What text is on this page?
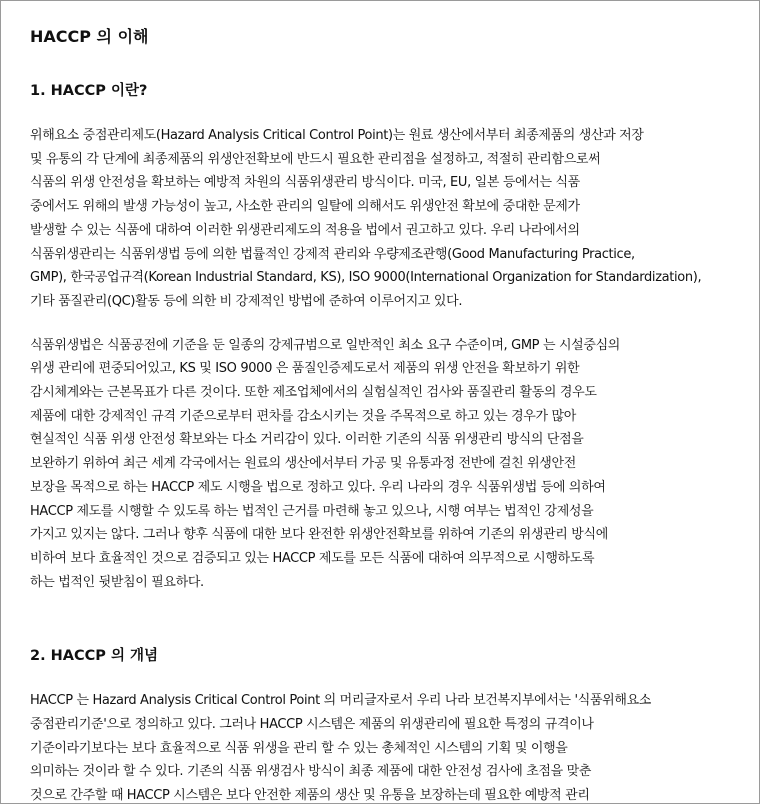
HACCP 의 이해
1. HACCP 이란?
위해요소 중점관리제도(Hazard Analysis Critical Control Point)는 원료 생산에서부터 최종제품의 생산과 저장
및 유통의 각 단계에 최종제품의 위생안전확보에 반드시 필요한 관리점을 설정하고, 적절히 관리함으로써
식품의 위생 안전성을 확보하는 예방적 차원의 식품위생관리 방식이다. 미국, EU, 일본 등에서는 식품
중에서도 위해의 발생 가능성이 높고, 사소한 관리의 일탈에 의해서도 위생안전 확보에 중대한 문제가
발생할 수 있는 식품에 대하여 이러한 위생관리제도의 적용을 법에서 권고하고 있다. 우리 나라에서의
식품위생관리는 식품위생법 등에 의한 법률적인 강제적 관리와 우량제조관행(Good Manufacturing Practice,
GMP), 한국공업규격(Korean Industrial Standard, KS), ISO 9000(International Organization for Standardization),
기타 품질관리(QC)활동 등에 의한 비 강제적인 방법에 준하여 이루어지고 있다.
식품위생법은 식품공전에 기준을 둔 일종의 강제규범으로 일반적인 최소 요구 수준이며, GMP 는 시설중심의
위생 관리에 편중되어있고, KS 및 ISO 9000 은 품질인증제도로서 제품의 위생 안전을 확보하기 위한
감시체계와는 근본목표가 다른 것이다. 또한 제조업체에서의 실험실적인 검사와 품질관리 활동의 경우도
제품에 대한 강제적인 규격 기준으로부터 편차를 감소시키는 것을 주목적으로 하고 있는 경우가 많아
현실적인 식품 위생 안전성 확보와는 다소 거리감이 있다. 이러한 기존의 식품 위생관리 방식의 단점을
보완하기 위하여 최근 세계 각국에서는 원료의 생산에서부터 가공 및 유통과정 전반에 걸친 위생안전
보장을 목적으로 하는 HACCP 제도 시행을 법으로 정하고 있다. 우리 나라의 경우 식품위생법 등에 의하여
HACCP 제도를 시행할 수 있도록 하는 법적인 근거를 마련해 놓고 있으나, 시행 여부는 법적인 강제성을
가지고 있지는 않다. 그러나 향후 식품에 대한 보다 완전한 위생안전확보를 위하여 기존의 위생관리 방식에
비하여 보다 효율적인 것으로 검증되고 있는 HACCP 제도를 모든 식품에 대하여 의무적으로 시행하도록
하는 법적인 뒷받침이 필요하다.
2. HACCP 의 개념
HACCP 는 Hazard Analysis Critical Control Point 의 머리글자로서 우리 나라 보건복지부에서는 '식품위해요소
중점관리기준'으로 정의하고 있다. 그러나 HACCP 시스템은 제품의 위생관리에 필요한 특정의 규격이나
기준이라기보다는 보다 효율적으로 식품 위생을 관리 할 수 있는 총체적인 시스템의 기획 및 이행을
의미하는 것이라 할 수 있다. 기존의 식품 위생검사 방식이 최종 제품에 대한 안전성 검사에 초점을 맞춘
것으로 간주할 때 HACCP 시스템은 보다 안전한 제품의 생산 및 유통을 보장하는데 필요한 예방적 관리
